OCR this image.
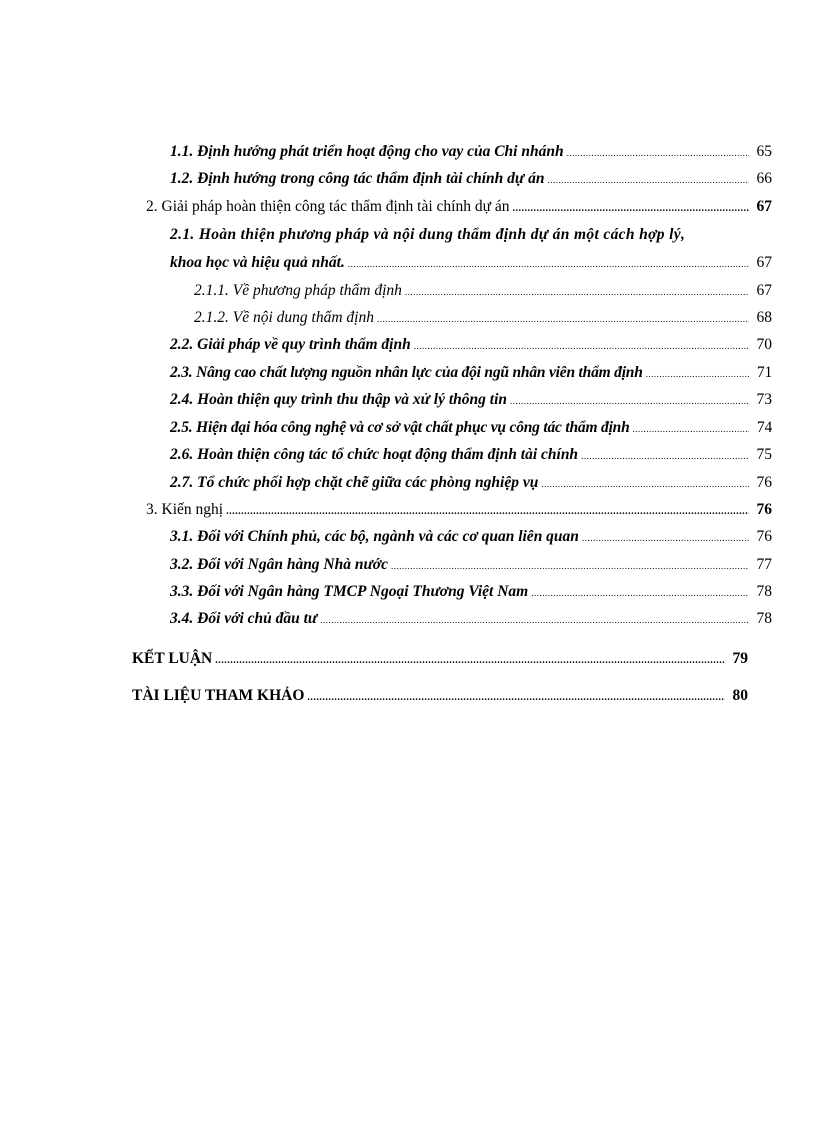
1.1. Định hướng phát triển hoạt động cho vay của Chi nhánh .....	65
1.2. Định hướng trong công tác thẩm định tài chính dự án .....	66
2. Giải pháp hoàn thiện công tác thẩm định tài chính dự án .....	67
2.1. Hoàn thiện phương pháp và nội dung thẩm định dự án một cách hợp lý,
khoa học và hiệu quả nhất. .....	67
2.1.1. Về phương pháp thẩm định .....	67
2.1.2. Về nội dung thẩm định .....	68
2.2. Giải pháp về quy trình thẩm định .....	70
2.3. Nâng cao chất lượng nguồn nhân lực của đội ngũ nhân viên thẩm định .....	71
2.4. Hoàn thiện quy trình thu thập và xử lý thông tin .....	73
2.5. Hiện đại hóa công nghệ và cơ sở vật chất phục vụ công tác thẩm định .....	74
2.6. Hoàn thiện công tác tổ chức hoạt động thẩm định tài chính .....	75
2.7. Tổ chức phối hợp chặt chẽ giữa các phòng nghiệp vụ .....	76
3. Kiến nghị .....	76
3.1. Đối với Chính phủ, các bộ, ngành và các cơ quan liên quan .....	76
3.2. Đối với Ngân hàng Nhà nước .....	77
3.3. Đối với Ngân hàng TMCP Ngoại Thương Việt Nam .....	78
3.4. Đối với chủ đầu tư .....	78
KẾT LUẬN .....	79
TÀI LIỆU THAM KHẢO .....	80
